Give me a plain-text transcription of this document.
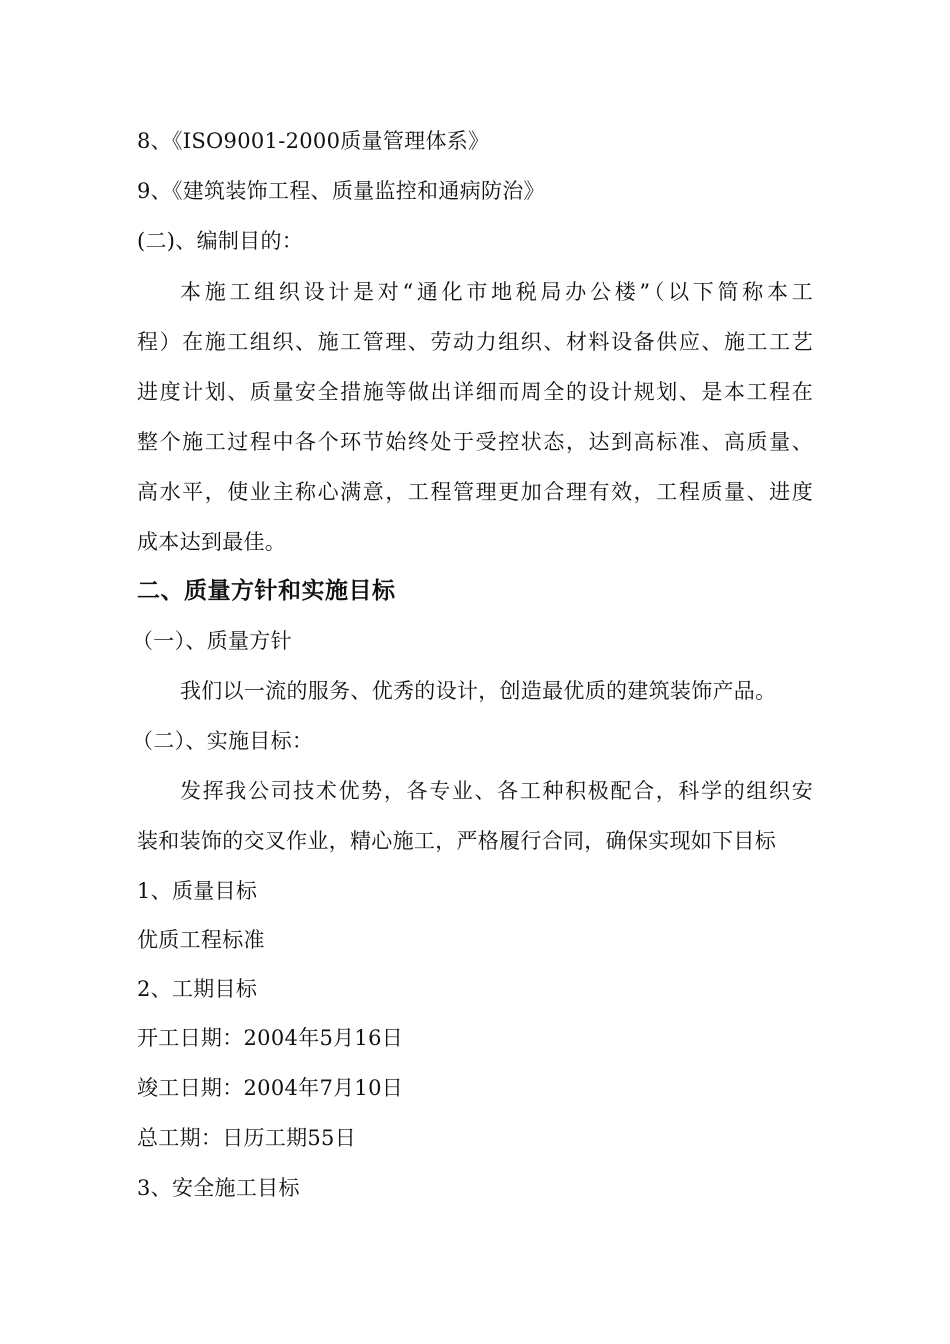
8、《ISO9001-2000质量管理体系》
9、《建筑装饰工程、质量监控和通病防治》
(二)、编制目的：
本施工组织设计是对“通化市地税局办公楼”（以下简称本工
程）在施工组织、施工管理、劳动力组织、材料设备供应、施工工艺
进度计划、质量安全措施等做出详细而周全的设计规划、是本工程在
整个施工过程中各个环节始终处于受控状态，达到高标准、高质量、
高水平，使业主称心满意，工程管理更加合理有效，工程质量、进度
成本达到最佳。
二、质量方针和实施目标
（一）、质量方针
我们以一流的服务、优秀的设计，创造最优质的建筑装饰产品。
（二）、实施目标：
发挥我公司技术优势，各专业、各工种积极配合，科学的组织安
装和装饰的交叉作业，精心施工，严格履行合同，确保实现如下目标
1、质量目标
优质工程标准
2、工期目标
开工日期：2004年5月16日
竣工日期：2004年7月10日
总工期：日历工期55日
3、安全施工目标
